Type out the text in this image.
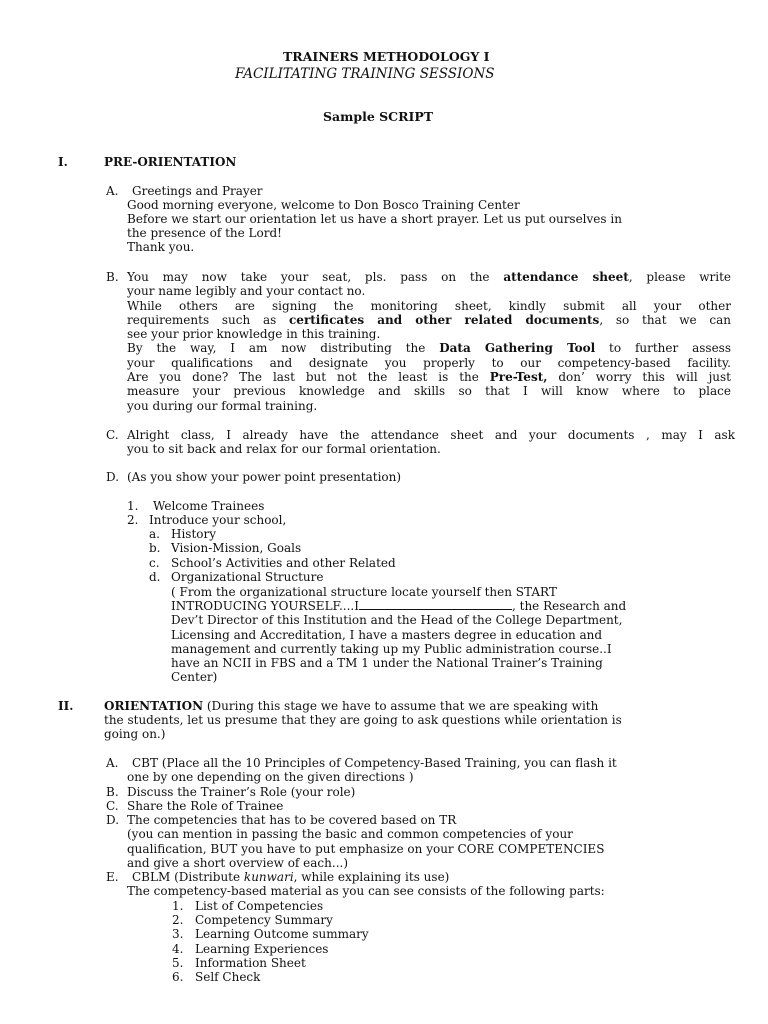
TRAINERS METHODOLOGY I
FACILITATING TRAINING SESSIONS
Sample SCRIPT
I.	PRE-ORIENTATION
A. Greetings and Prayer
Good morning everyone, welcome to Don Bosco Training Center
Before we start our orientation let us have a short prayer. Let us put ourselves in
the presence of the Lord!
Thank you.
B. You may now take your seat, pls. pass on the attendance sheet, please write
your name legibly and your contact no.
While others are signing the monitoring sheet, kindly submit all your other
requirements such as certificates and other related documents, so that we can
see your prior knowledge in this training.
By the way, I am now distributing the Data Gathering Tool to further assess
your qualifications and designate you properly to our competency-based facility.
Are you done? The last but not the least is the Pre-Test, don’ worry this will just
measure your previous knowledge and skills so that I will know where to place
you during our formal training.
C. Alright class, I already have the attendance sheet and your documents , may I ask
you to sit back and relax for our formal orientation.
D. (As you show your power point presentation)
1. Welcome Trainees
2. Introduce your school,
a. History
b. Vision-Mission, Goals
c. School’s Activities and other Related
d. Organizational Structure
( From the organizational structure locate yourself then START
INTRODUCING YOURSELF....I	, the Research and
Dev’t Director of this Institution and the Head of the College Department,
Licensing and Accreditation, I have a masters degree in education and
management and currently taking up my Public administration course..I
have an NCII in FBS and a TM 1 under the National Trainer’s Training
Center)
II.	ORIENTATION (During this stage we have to assume that we are speaking with
the students, let us presume that they are going to ask questions while orientation is
going on.)
A. CBT (Place all the 10 Principles of Competency-Based Training, you can flash it
one by one depending on the given directions )
B. Discuss the Trainer’s Role (your role)
C. Share the Role of Trainee
D. The competencies that has to be covered based on TR
(you can mention in passing the basic and common competencies of your
qualification, BUT you have to put emphasize on your CORE COMPETENCIES
and give a short overview of each...)
E. CBLM (Distribute kunwari, while explaining its use)
The competency-based material as you can see consists of the following parts:
1. List of Competencies
2. Competency Summary
3. Learning Outcome summary
4. Learning Experiences
5. Information Sheet
6. Self Check
